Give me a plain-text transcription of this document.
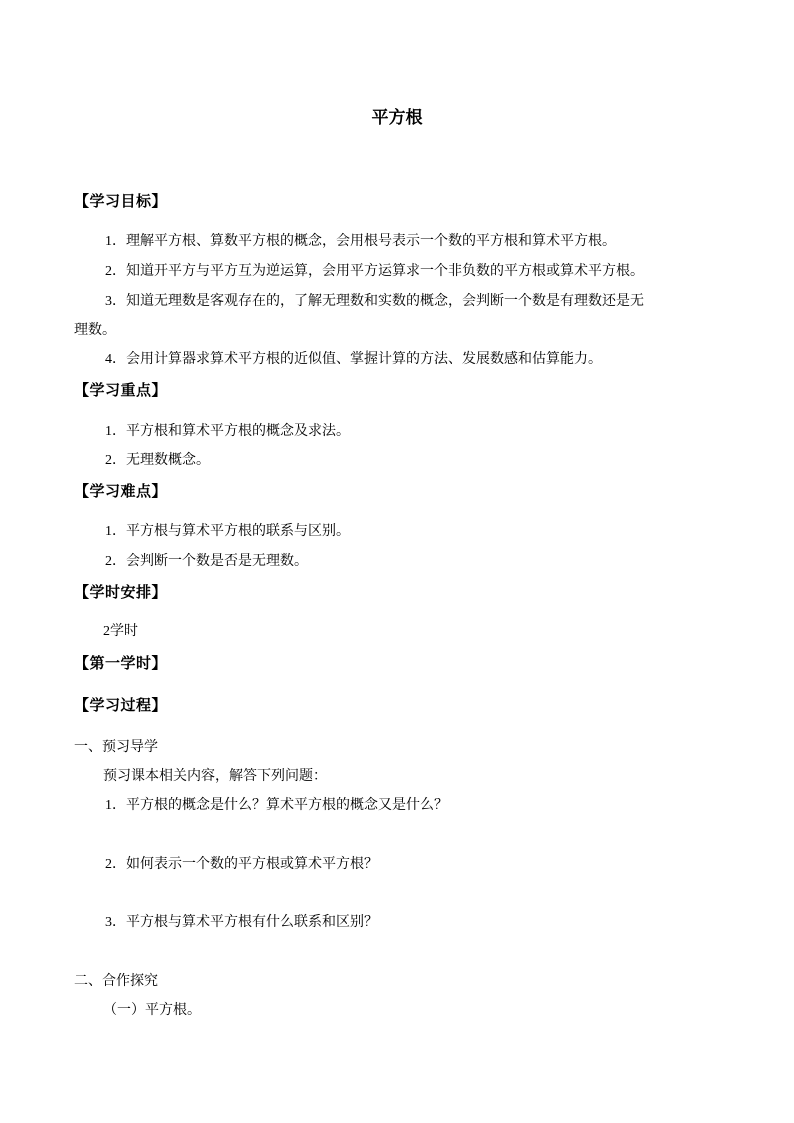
平方根
【学习目标】
1．理解平方根、算数平方根的概念，会用根号表示一个数的平方根和算术平方根。
2．知道开平方与平方互为逆运算，会用平方运算求一个非负数的平方根或算术平方根。
3．知道无理数是客观存在的，了解无理数和实数的概念，会判断一个数是有理数还是无
理数。
4．会用计算器求算术平方根的近似值、掌握计算的方法、发展数感和估算能力。
【学习重点】
1．平方根和算术平方根的概念及求法。
2．无理数概念。
【学习难点】
1．平方根与算术平方根的联系与区别。
2．会判断一个数是否是无理数。
【学时安排】
2学时
【第一学时】
【学习过程】
一、预习导学
预习课本相关内容，解答下列问题：
1．平方根的概念是什么？算术平方根的概念又是什么？
2．如何表示一个数的平方根或算术平方根？
3．平方根与算术平方根有什么联系和区别？
二、合作探究
（一）平方根。
